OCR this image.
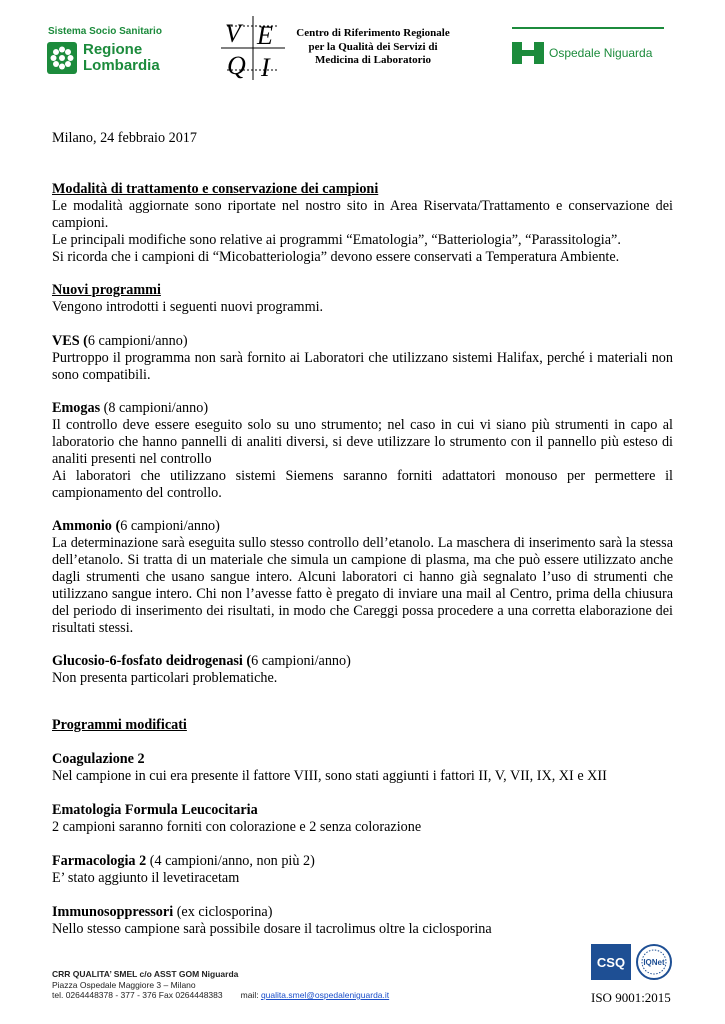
Sistema Socio Sanitario
Regione
Lombardia
V E
Q I
Centro di Riferimento Regionale
per la Qualità dei Servizi di
Medicina di Laboratorio	Ospedale Niguarda
Milano, 24 febbraio 2017

Modalità di trattamento e conservazione dei campioni

Le modalità aggiornate sono riportate nel nostro sito in Area Riservata/Trattamento e conservazione dei campioni.

Le principali modifiche sono relative ai programmi “Ematologia”, “Batteriologia”, “Parassitologia”.

Si ricorda che i campioni di “Micobatteriologia” devono essere conservati a Temperatura Ambiente.

Nuovi programmi

Vengono introdotti i seguenti nuovi programmi.

VES (6 campioni/anno)

Purtroppo il programma non sarà fornito ai Laboratori che utilizzano sistemi Halifax, perché i materiali non sono compatibili.

Emogas (8 campioni/anno)

Il controllo deve essere eseguito solo su uno strumento; nel caso in cui vi siano più strumenti in capo al laboratorio che hanno pannelli di analiti diversi, si deve utilizzare lo strumento con il pannello più esteso di analiti presenti nel controllo

Ai laboratori che utilizzano sistemi Siemens saranno forniti adattatori monouso per permettere il campionamento del controllo.

Ammonio (6 campioni/anno)

La determinazione sarà eseguita sullo stesso controllo dell’etanolo. La maschera di inserimento sarà la stessa dell’etanolo. Si tratta di un materiale che simula un campione di plasma, ma che può essere utilizzato anche dagli strumenti che usano sangue intero. Alcuni laboratori ci hanno già segnalato l’uso di strumenti che utilizzano sangue intero. Chi non l’avesse fatto è pregato di inviare una mail al Centro, prima della chiusura del periodo di inserimento dei risultati, in modo che Careggi possa procedere a una corretta elaborazione dei risultati stessi.

Glucosio-6-fosfato deidrogenasi (6 campioni/anno)

Non presenta particolari problematiche.

Programmi modificati

Coagulazione 2

Nel campione in cui era presente il fattore VIII, sono stati aggiunti i fattori II, V, VII, IX, XI e XII

Ematologia Formula Leucocitaria

2 campioni saranno forniti con colorazione e 2 senza colorazione

Farmacologia 2 (4 campioni/anno, non più 2)

E’ stato aggiunto il levetiracetam

Immunosoppressori (ex ciclosporina)

Nello stesso campione sarà possibile dosare il tacrolimus oltre la ciclosporina

CRR QUALITA’ SMEL c/o ASST GOM Niguarda
Piazza Ospedale Maggiore 3 – Milano
tel. 0264448378 - 377 - 376 Fax 0264448383 mail: qualita.smel@ospedaleniguarda.it
CSQ IQNet
ISO 9001:2015
